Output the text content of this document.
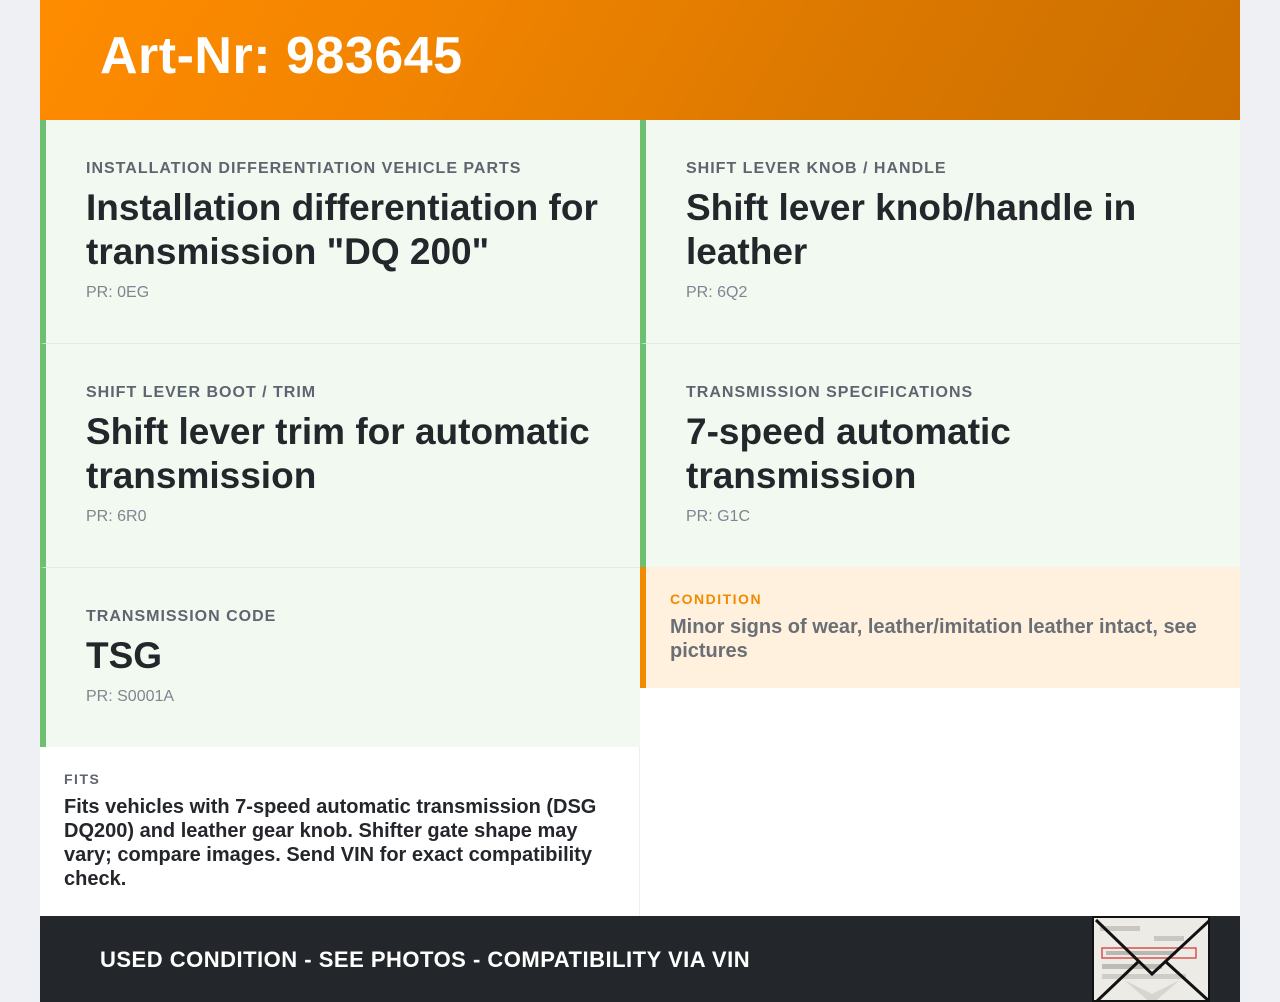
Art-Nr: 983645
INSTALLATION DIFFERENTIATION VEHICLE PARTS
Installation differentiation for transmission "DQ 200"
PR: 0EG
SHIFT LEVER KNOB / HANDLE
Shift lever knob/handle in leather
PR: 6Q2
SHIFT LEVER BOOT / TRIM
Shift lever trim for automatic transmission
PR: 6R0
TRANSMISSION SPECIFICATIONS
7-speed automatic transmission
PR: G1C
TRANSMISSION CODE
TSG
PR: S0001A
CONDITION
Minor signs of wear, leather/imitation leather intact, see pictures
FITS
Fits vehicles with 7-speed automatic transmission (DSG DQ200) and leather gear knob. Shifter gate shape may vary; compare images. Send VIN for exact compatibility check.
USED CONDITION - SEE PHOTOS - COMPATIBILITY VIA VIN
